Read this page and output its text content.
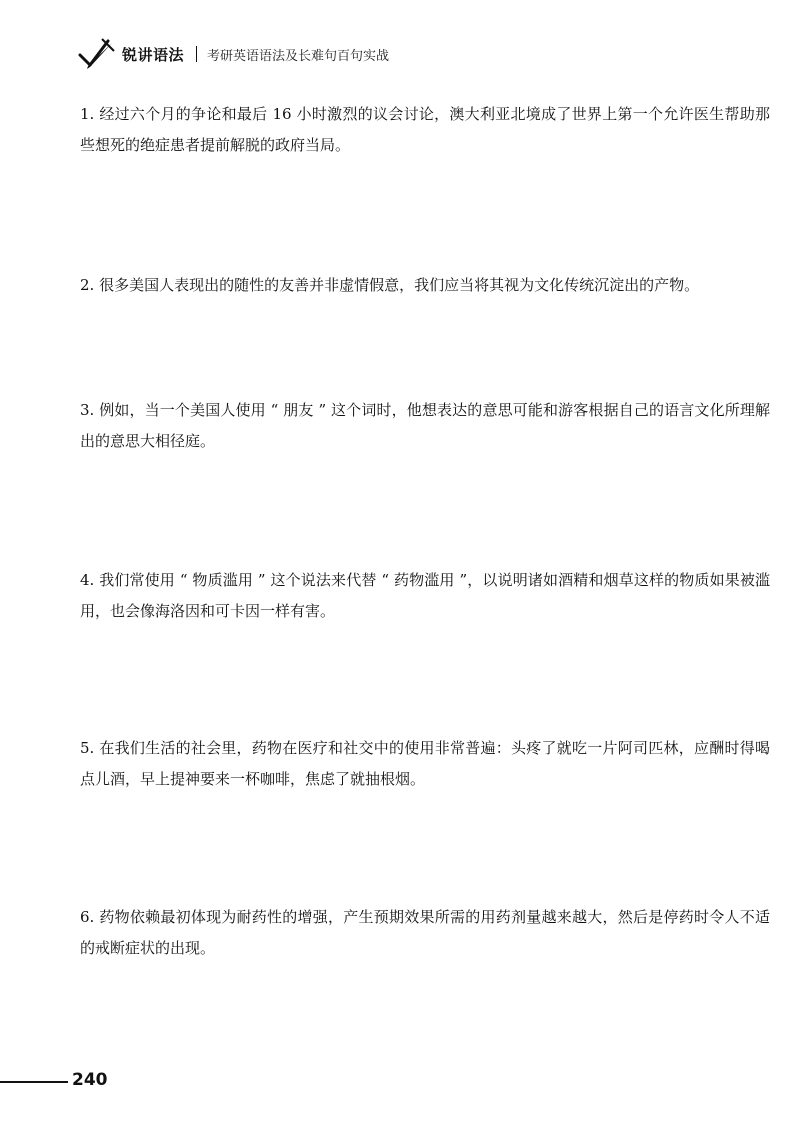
锐讲语法 考研英语语法及长难句百句实战

1. 经过六个月的争论和最后 16 小时激烈的议会讨论，澳大利亚北境成了世界上第一个允许医生帮助那些想死的绝症患者提前解脱的政府当局。

2. 很多美国人表现出的随性的友善并非虚情假意，我们应当将其视为文化传统沉淀出的产物。

3. 例如，当一个美国人使用 “ 朋友 ” 这个词时，他想表达的意思可能和游客根据自己的语言文化所理解出的意思大相径庭。

4. 我们常使用 “ 物质滥用 ” 这个说法来代替 “ 药物滥用 ”，以说明诸如酒精和烟草这样的物质如果被滥用，也会像海洛因和可卡因一样有害。

5. 在我们生活的社会里，药物在医疗和社交中的使用非常普遍：头疼了就吃一片阿司匹林，应酬时得喝点儿酒，早上提神要来一杯咖啡，焦虑了就抽根烟。

6. 药物依赖最初体现为耐药性的增强，产生预期效果所需的用药剂量越来越大，然后是停药时令人不适的戒断症状的出现。

240
